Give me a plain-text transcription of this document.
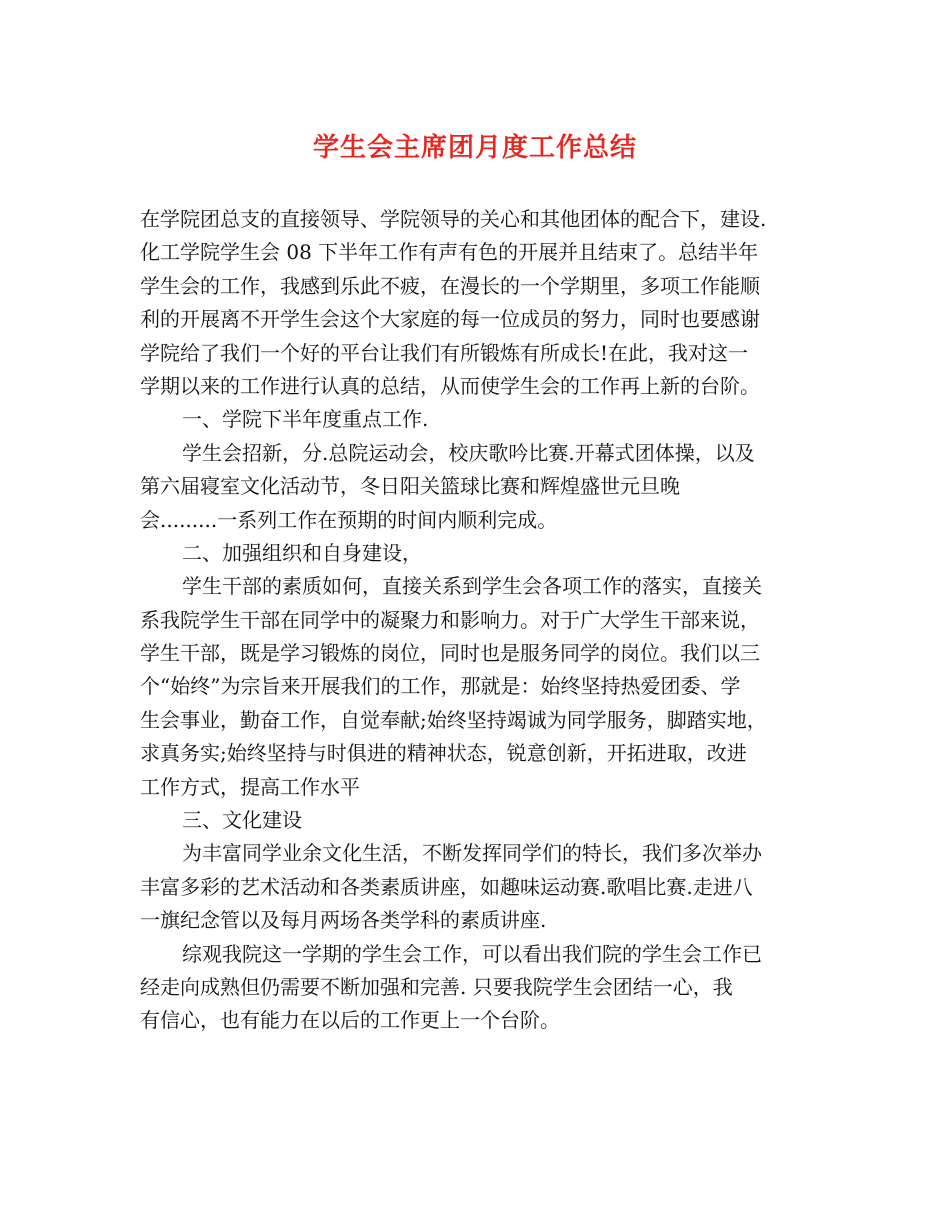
学生会主席团月度工作总结
在学院团总支的直接领导、学院领导的关心和其他团体的配合下，建设.
化工学院学生会 08 下半年工作有声有色的开展并且结束了。总结半年
学生会的工作，我感到乐此不疲，在漫长的一个学期里，多项工作能顺
利的开展离不开学生会这个大家庭的每一位成员的努力，同时也要感谢
学院给了我们一个好的平台让我们有所锻炼有所成长!在此，我对这一
学期以来的工作进行认真的总结，从而使学生会的工作再上新的台阶。
一、学院下半年度重点工作.
学生会招新，分.总院运动会，校庆歌吟比赛.开幕式团体操，以及
第六届寝室文化活动节，冬日阳关篮球比赛和辉煌盛世元旦晚
会.........一系列工作在预期的时间内顺利完成。
二、加强组织和自身建设，
学生干部的素质如何，直接关系到学生会各项工作的落实，直接关
系我院学生干部在同学中的凝聚力和影响力。对于广大学生干部来说，
学生干部，既是学习锻炼的岗位，同时也是服务同学的岗位。我们以三
个“始终”为宗旨来开展我们的工作，那就是：始终坚持热爱团委、学
生会事业，勤奋工作，自觉奉献;始终坚持竭诚为同学服务，脚踏实地，
求真务实;始终坚持与时俱进的精神状态，锐意创新，开拓进取，改进
工作方式，提高工作水平
三、文化建设
为丰富同学业余文化生活，不断发挥同学们的特长，我们多次举办
丰富多彩的艺术活动和各类素质讲座，如趣味运动赛.歌唱比赛.走进八
一旗纪念管以及每月两场各类学科的素质讲座.
综观我院这一学期的学生会工作，可以看出我们院的学生会工作已
经走向成熟但仍需要不断加强和完善. 只要我院学生会团结一心，我
有信心，也有能力在以后的工作更上一个台阶。
